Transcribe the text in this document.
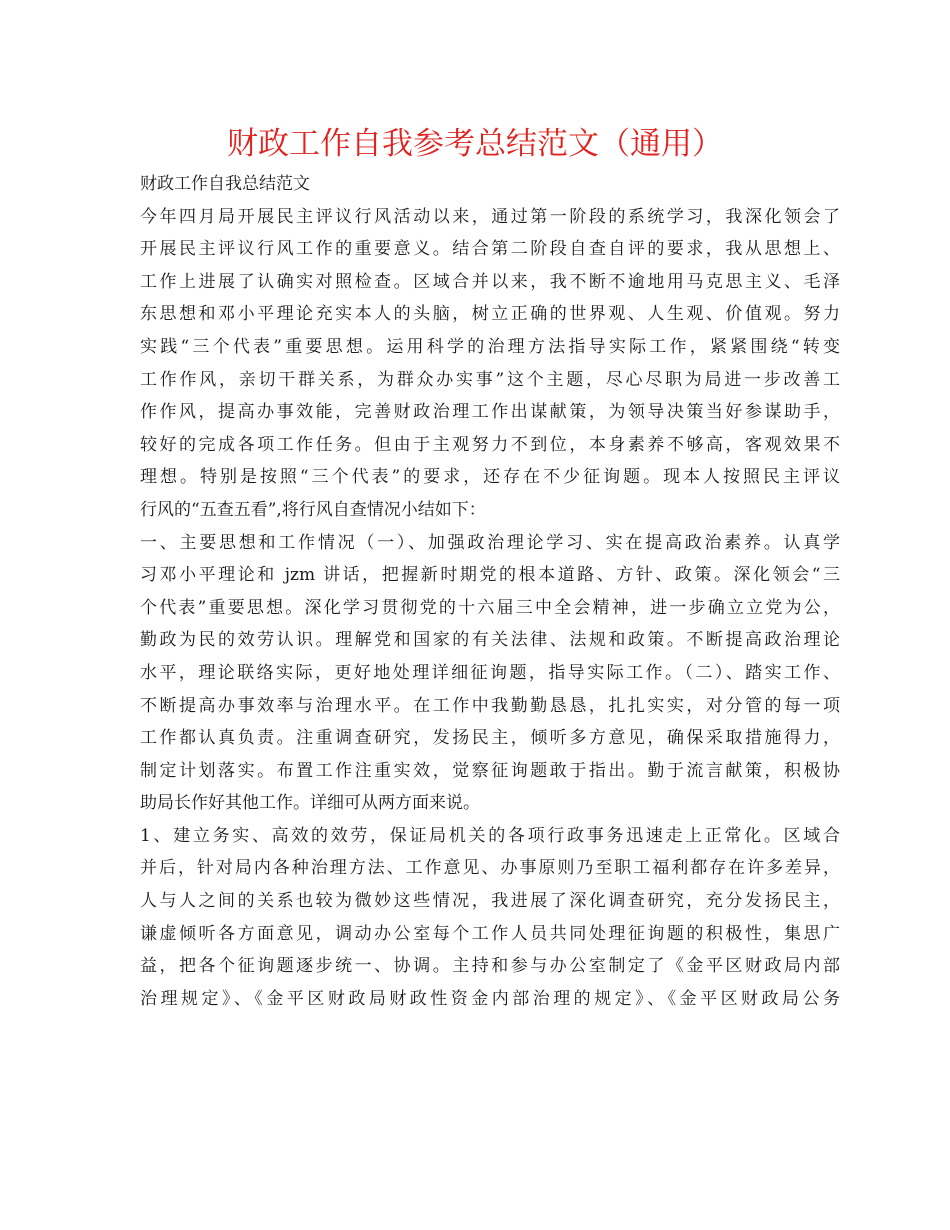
财政工作自我参考总结范文（通用）
财政工作自我总结范文
今年四月局开展民主评议行风活动以来，通过第一阶段的系统学习，我深化领会了
开展民主评议行风工作的重要意义。结合第二阶段自查自评的要求，我从思想上、
工作上进展了认确实对照检查。区域合并以来，我不断不逾地用马克思主义、毛泽
东思想和邓小平理论充实本人的头脑，树立正确的世界观、人生观、价值观。努力
实践“三个代表”重要思想。运用科学的治理方法指导实际工作，紧紧围绕“转变
工作作风，亲切干群关系，为群众办实事”这个主题，尽心尽职为局进一步改善工
作作风，提高办事效能，完善财政治理工作出谋献策，为领导决策当好参谋助手，
较好的完成各项工作任务。但由于主观努力不到位，本身素养不够高，客观效果不
理想。特别是按照“三个代表”的要求，还存在不少征询题。现本人按照民主评议
行风的“五查五看”,将行风自查情况小结如下：
一、主要思想和工作情况（一）、加强政治理论学习、实在提高政治素养。认真学
习邓小平理论和 jzm 讲话，把握新时期党的根本道路、方针、政策。深化领会“三
个代表”重要思想。深化学习贯彻党的十六届三中全会精神，进一步确立立党为公，
勤政为民的效劳认识。理解党和国家的有关法律、法规和政策。不断提高政治理论
水平，理论联络实际，更好地处理详细征询题，指导实际工作。（二）、踏实工作、
不断提高办事效率与治理水平。在工作中我勤勤恳恳，扎扎实实，对分管的每一项
工作都认真负责。注重调查研究，发扬民主，倾听多方意见，确保采取措施得力，
制定计划落实。布置工作注重实效，觉察征询题敢于指出。勤于流言献策，积极协
助局长作好其他工作。详细可从两方面来说。
1、建立务实、高效的效劳，保证局机关的各项行政事务迅速走上正常化。区域合
并后，针对局内各种治理方法、工作意见、办事原则乃至职工福利都存在许多差异，
人与人之间的关系也较为微妙这些情况，我进展了深化调查研究，充分发扬民主，
谦虚倾听各方面意见，调动办公室每个工作人员共同处理征询题的积极性，集思广
益，把各个征询题逐步统一、协调。主持和参与办公室制定了《金平区财政局内部
治理规定》、《金平区财政局财政性资金内部治理的规定》、《金平区财政局公务
